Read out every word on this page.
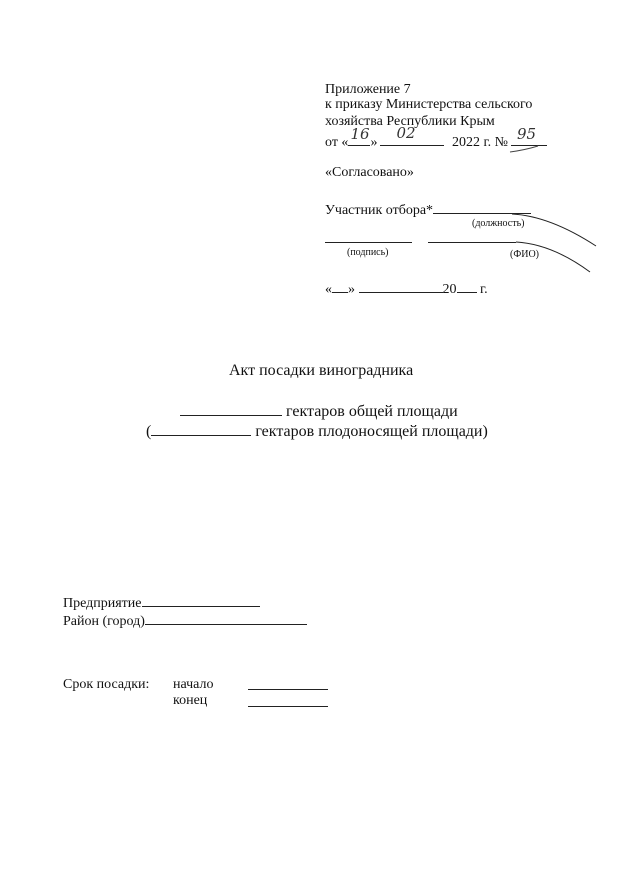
Приложение 7
к приказу Министерства сельского
хозяйства Республики Крым
от « 16 »
02
2022 г. № 95
«Согласовано»
Участник отбора*
(должность)
(подпись)	(ФИО)
« »	20 г.
Акт посадки виноградника
гектаров общей площади
(	гектаров плодоносящей площади)
Предприятие
Район (город)
Срок посадки: начало
конец
